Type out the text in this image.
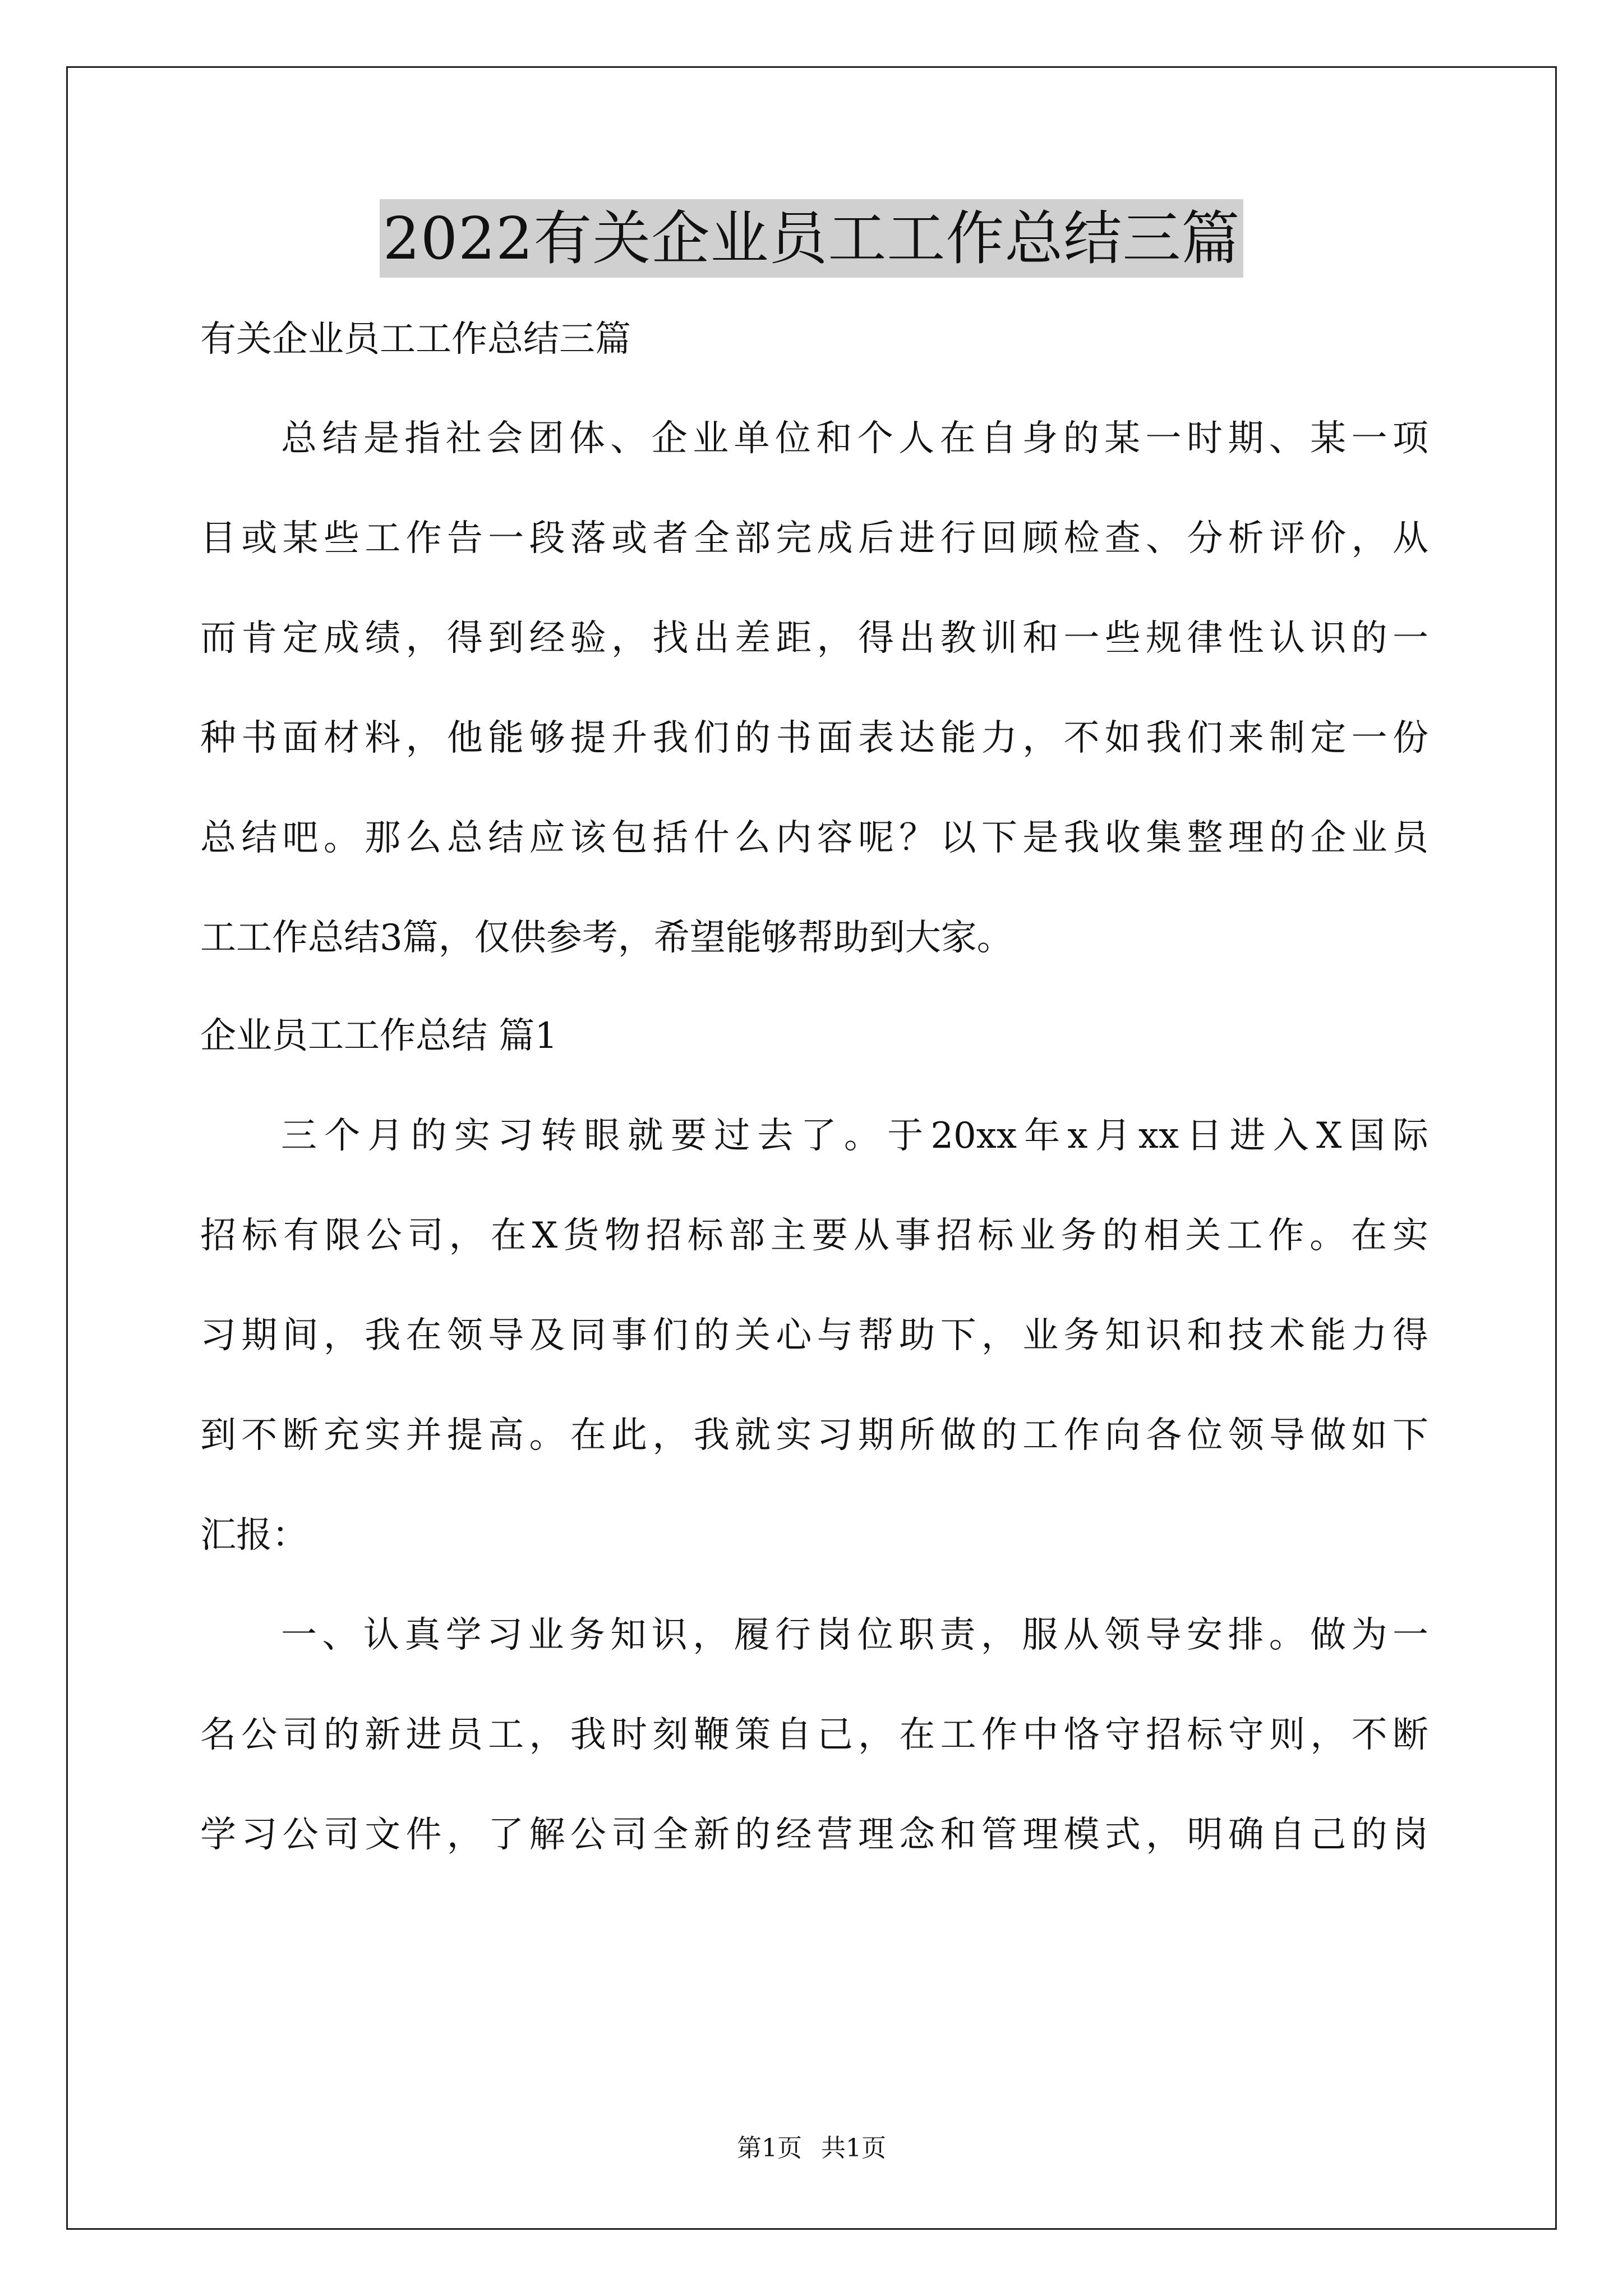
2022有关企业员工工作总结三篇
有关企业员工工作总结三篇
总结是指社会团体、企业单位和个人在自身的某一时期、某一项
目或某些工作告一段落或者全部完成后进行回顾检查、分析评价，从
而肯定成绩，得到经验，找出差距，得出教训和一些规律性认识的一
种书面材料，他能够提升我们的书面表达能力，不如我们来制定一份
总结吧。那么总结应该包括什么内容呢？以下是我收集整理的企业员
工工作总结3篇，仅供参考，希望能够帮助到大家。
企业员工工作总结 篇1
三个月的实习转眼就要过去了。于20xx年x月xx日进入X国际
招标有限公司，在X货物招标部主要从事招标业务的相关工作。在实
习期间，我在领导及同事们的关心与帮助下，业务知识和技术能力得
到不断充实并提高。在此，我就实习期所做的工作向各位领导做如下
汇报：
一、认真学习业务知识，履行岗位职责，服从领导安排。做为一
名公司的新进员工，我时刻鞭策自己，在工作中恪守招标守则，不断
学习公司文件，了解公司全新的经营理念和管理模式，明确自己的岗
第1页 共1页
